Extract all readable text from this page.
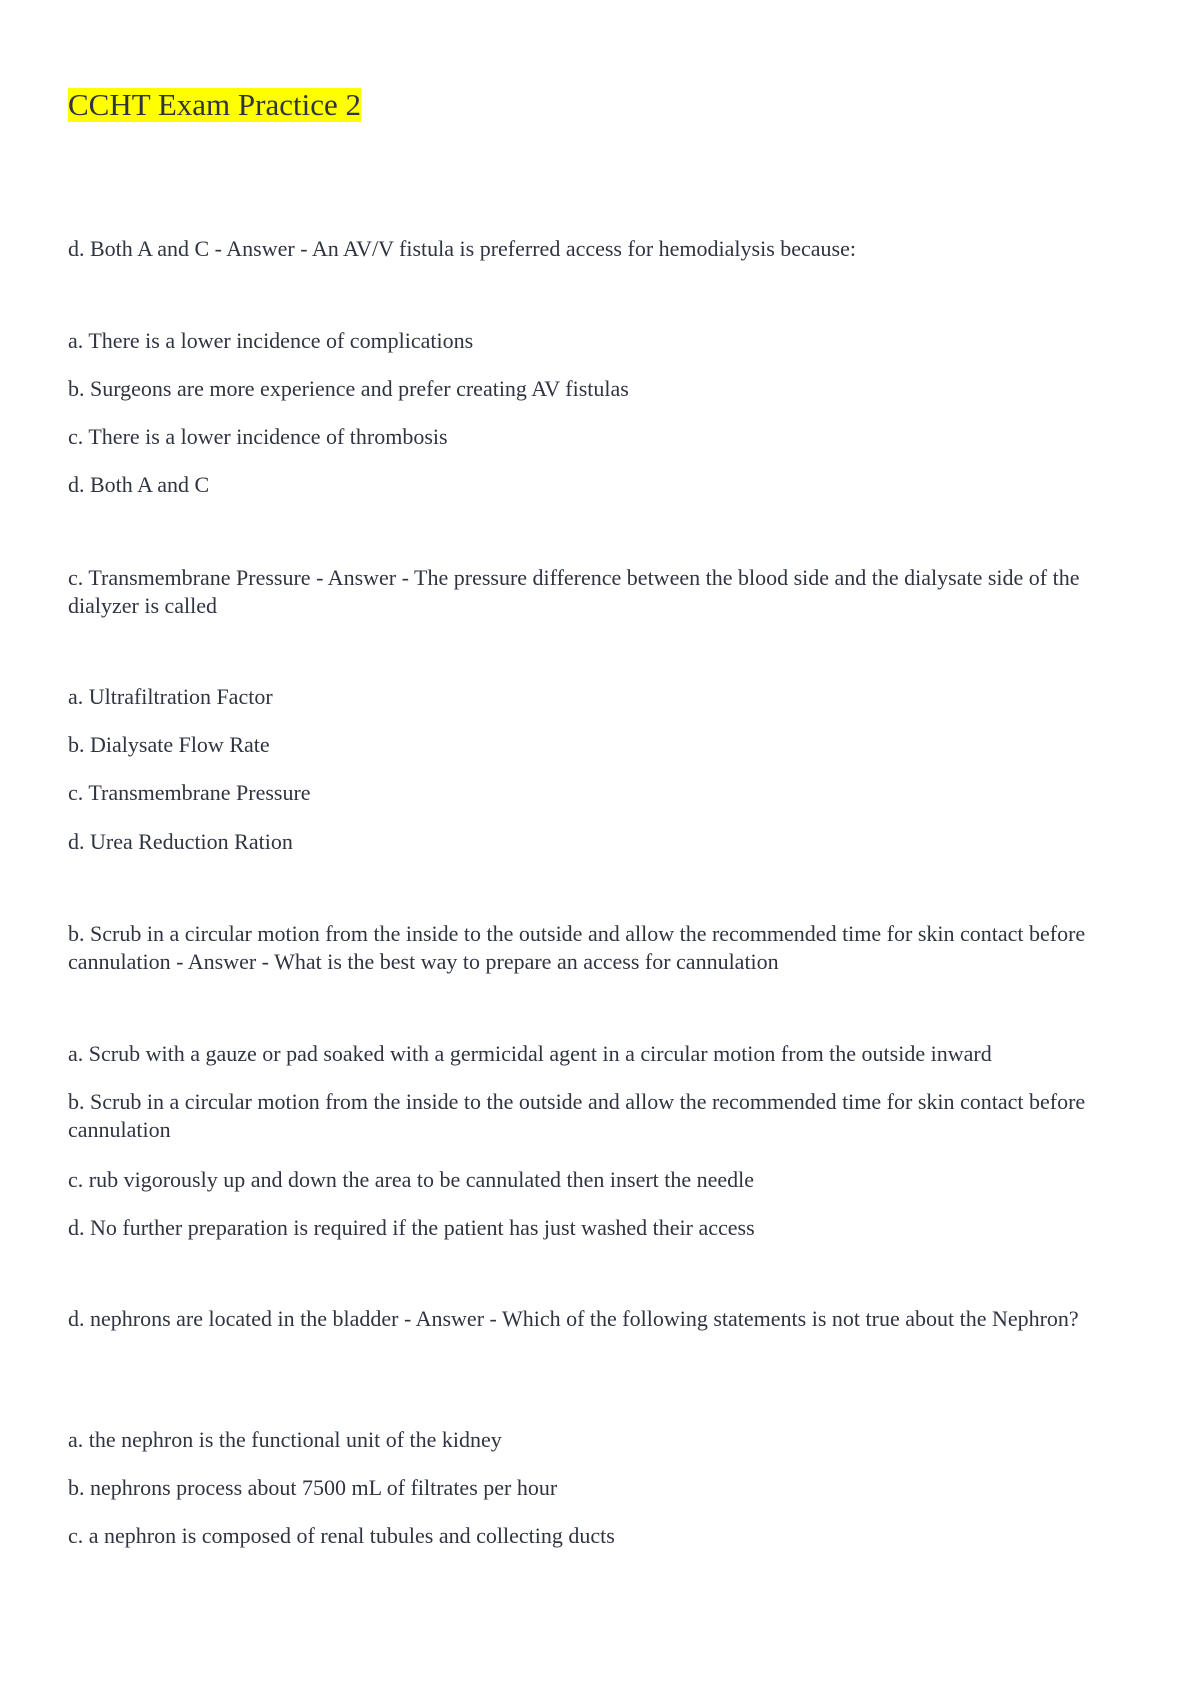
CCHT Exam Practice 2

d. Both A and C - Answer - An AV/V fistula is preferred access for hemodialysis because:

a. There is a lower incidence of complications

b. Surgeons are more experience and prefer creating AV fistulas

c. There is a lower incidence of thrombosis

d. Both A and C

c. Transmembrane Pressure - Answer - The pressure difference between the blood side and the dialysate side of the dialyzer is called

a. Ultrafiltration Factor

b. Dialysate Flow Rate

c. Transmembrane Pressure

d. Urea Reduction Ration

b. Scrub in a circular motion from the inside to the outside and allow the recommended time for skin contact before cannulation - Answer - What is the best way to prepare an access for cannulation

a. Scrub with a gauze or pad soaked with a germicidal agent in a circular motion from the outside inward

b. Scrub in a circular motion from the inside to the outside and allow the recommended time for skin contact before cannulation

c. rub vigorously up and down the area to be cannulated then insert the needle

d. No further preparation is required if the patient has just washed their access

d. nephrons are located in the bladder - Answer - Which of the following statements is not true about the Nephron?

a. the nephron is the functional unit of the kidney

b. nephrons process about 7500 mL of filtrates per hour

c. a nephron is composed of renal tubules and collecting ducts
